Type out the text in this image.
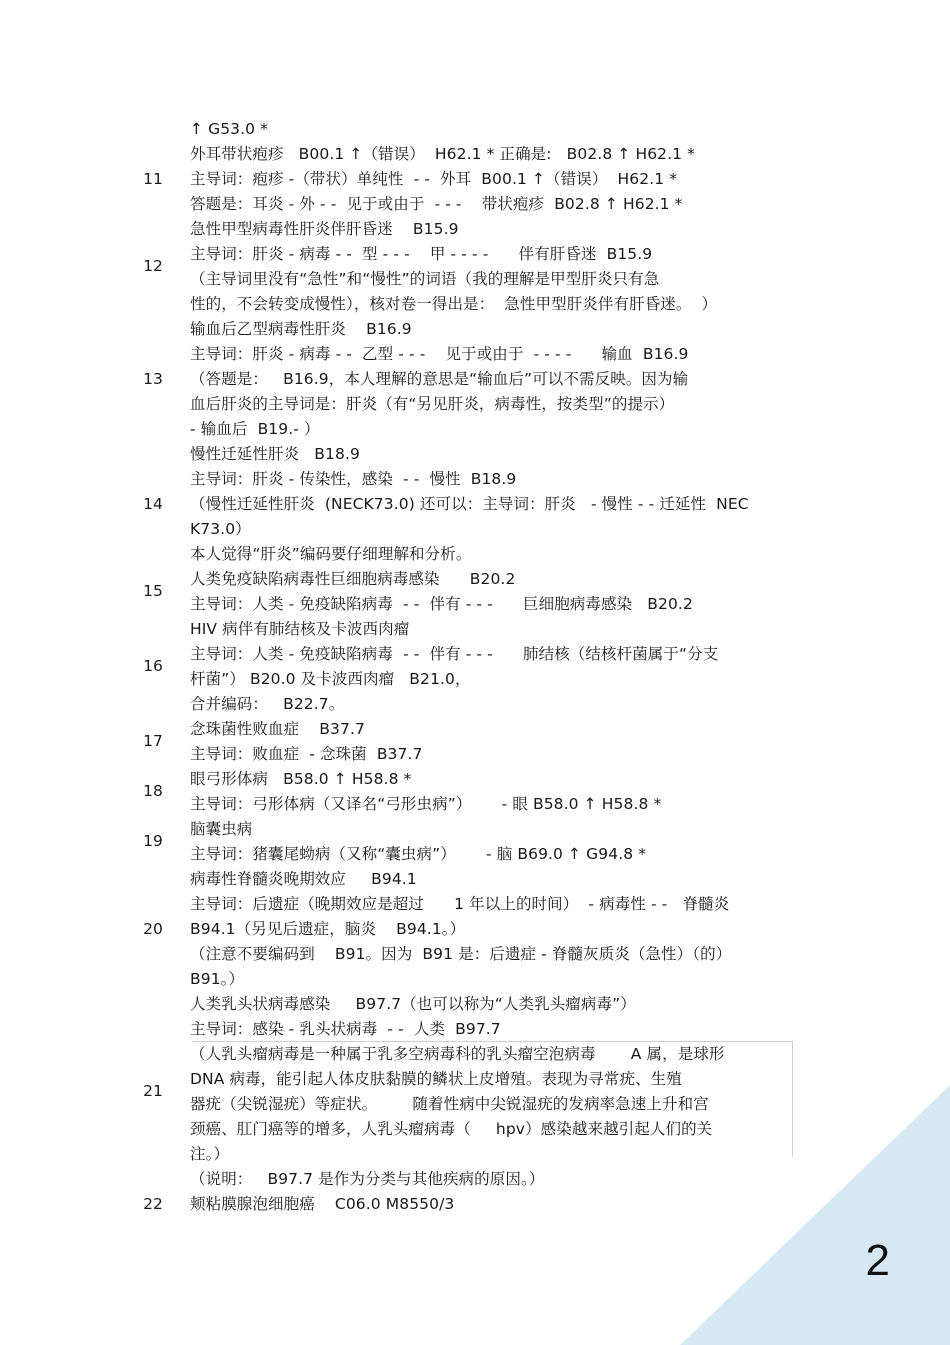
↑ G53.0 *
外耳带状疱疹   B00.1 ↑（错误）  H62.1 * 正确是:   B02.8 ↑ H62.1 *
主导词：疱疹 -（带状）单纯性  - -  外耳  B00.1 ↑（错误）  H62.1 *
答题是：耳炎 - 外 - -  见于或由于  - - -    带状疱疹  B02.8 ↑ H62.1 *
急性甲型病毒性肝炎伴肝昏迷    B15.9
主导词：肝炎 - 病毒 - -  型 - - -    甲 - - - -      伴有肝昏迷  B15.9
（主导词里没有“急性”和“慢性”的词语（我的理解是甲型肝炎只有急
性的，不会转变成慢性），核对卷一得出是：  急性甲型肝炎伴有肝昏迷。  ）
输血后乙型病毒性肝炎    B16.9
主导词：肝炎 - 病毒 - -  乙型 - - -    见于或由于  - - - -      输血  B16.9
（答题是：   B16.9，本人理解的意思是“输血后”可以不需反映。因为输
血后肝炎的主导词是：肝炎（有“另见肝炎，病毒性，按类型”的提示）
- 输血后  B19.- ）
慢性迁延性肝炎   B18.9
主导词：肝炎 - 传染性，感染  - -  慢性  B18.9
（慢性迁延性肝炎  (NECK73.0) 还可以：主导词：肝炎   - 慢性 - - 迁延性  NEC
K73.0）
本人觉得“肝炎”编码要仔细理解和分析。
人类免疫缺陷病毒性巨细胞病毒感染      B20.2
主导词：人类 - 免疫缺陷病毒  - -  伴有 - - -      巨细胞病毒感染   B20.2
HIV 病伴有肺结核及卡波西肉瘤
主导词：人类 - 免疫缺陷病毒  - -  伴有 - - -      肺结核（结核杆菌属于“分支
杆菌”） B20.0 及卡波西肉瘤   B21.0，
合并编码：   B22.7。
念珠菌性败血症    B37.7
主导词：败血症  - 念珠菌  B37.7
眼弓形体病   B58.0 ↑ H58.8 *
主导词：弓形体病（又译名“弓形虫病”）      - 眼 B58.0 ↑ H58.8 *
脑囊虫病
主导词：猪囊尾蚴病（又称“囊虫病”）      - 脑 B69.0 ↑ G94.8 *
病毒性脊髓炎晚期效应     B94.1
主导词：后遗症（晚期效应是超过      1 年以上的时间）  - 病毒性 - -   脊髓炎
B94.1（另见后遗症，脑炎    B94.1。）
（注意不要编码到    B91。因为  B91 是：后遗症 - 脊髓灰质炎（急性）（的）
B91。）
人类乳头状病毒感染     B97.7（也可以称为“人类乳头瘤病毒”）
主导词：感染 - 乳头状病毒  - -  人类  B97.7
（人乳头瘤病毒是一种属于乳多空病毒科的乳头瘤空泡病毒       A 属，是球形
DNA 病毒，能引起人体皮肤黏膜的鳞状上皮增殖。表现为寻常疣、生殖
器疣（尖锐湿疣）等症状。       随着性病中尖锐湿疣的发病率急速上升和宫
颈癌、肛门癌等的增多，人乳头瘤病毒（     hpv）感染越来越引起人们的关
注。）
（说明：   B97.7 是作为分类与其他疾病的原因。）
颊粘膜腺泡细胞癌    C06.0 M8550/3
11
12
13
14
15
16
17
18
19
20
21
22
2
